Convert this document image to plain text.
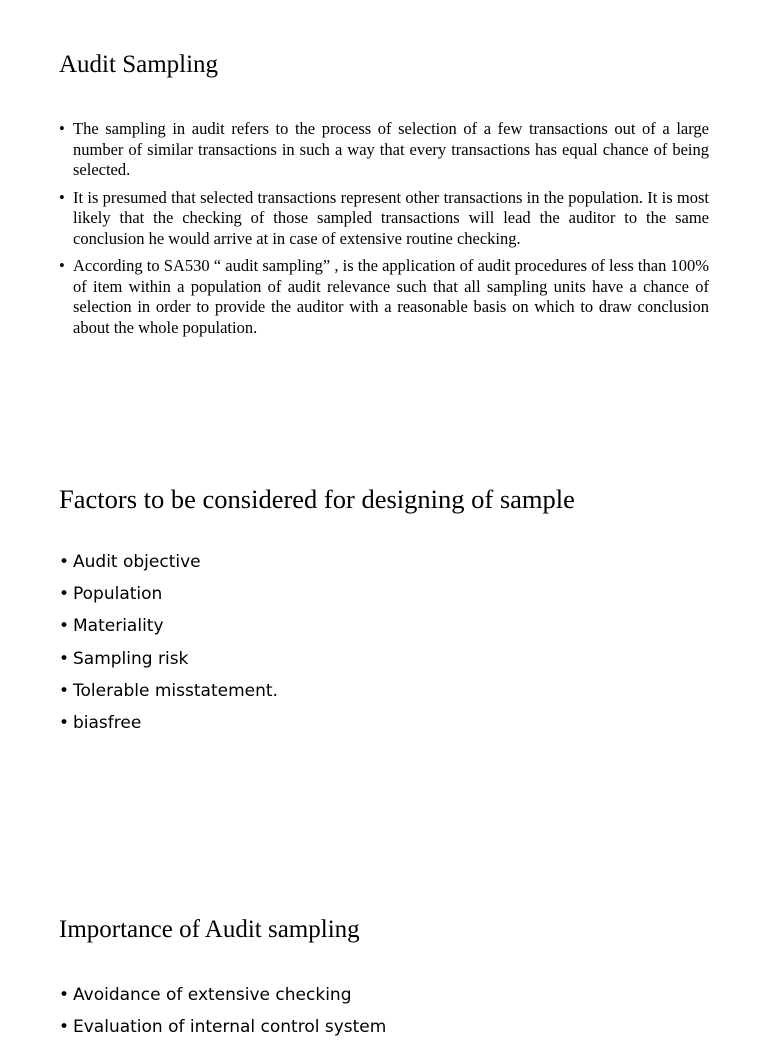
Audit Sampling
• The sampling in audit refers to the process of selection of a few transactions out of a large number of similar transactions in such a way that every transactions has equal chance of being selected.
• It is presumed that selected transactions represent other transactions in the population. It is most likely that the checking of those sampled transactions will lead the auditor to the same conclusion he would arrive at in case of extensive routine checking.
• According to SA530 “ audit sampling” , is the application of audit procedures of less than 100% of item within a population of audit relevance such that all sampling units have a chance of selection in order to provide the auditor with a reasonable basis on which to draw conclusion about the whole population.
Factors to be considered for designing of sample
• Audit objective
• Population
• Materiality
• Sampling risk
• Tolerable misstatement.
• biasfree
Importance of Audit sampling
• Avoidance of extensive checking
• Evaluation of internal control system
